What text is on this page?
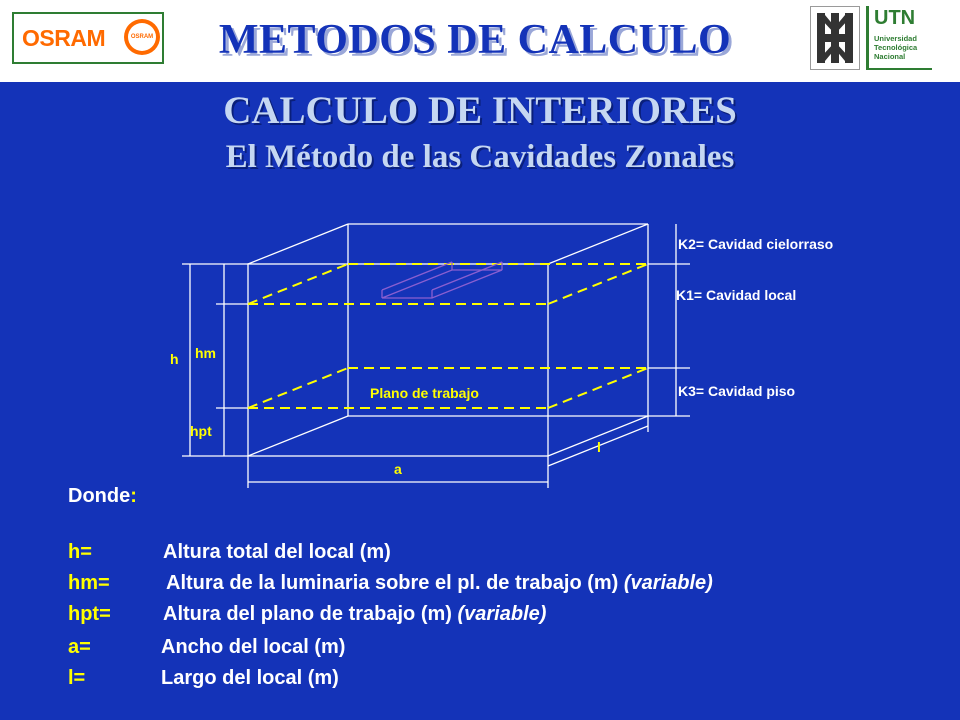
OSRAM	OSRAM	METODOS DE CALCULO	UTN
Universidad
Tecnológica
Nacional
CALCULO DE INTERIORES
El Método de las Cavidades Zonales
K2= Cavidad cielorraso
K1= Cavidad local
K3= Cavidad piso
Plano de trabajo
h hm
hpt
a
l
Donde:
h=	Altura total del local (m)
hm=	Altura de la luminaria sobre el pl. de trabajo (m) (variable)
hpt=	Altura del plano de trabajo (m) (variable)
a=	Ancho del local (m)
l=	Largo del local (m)
